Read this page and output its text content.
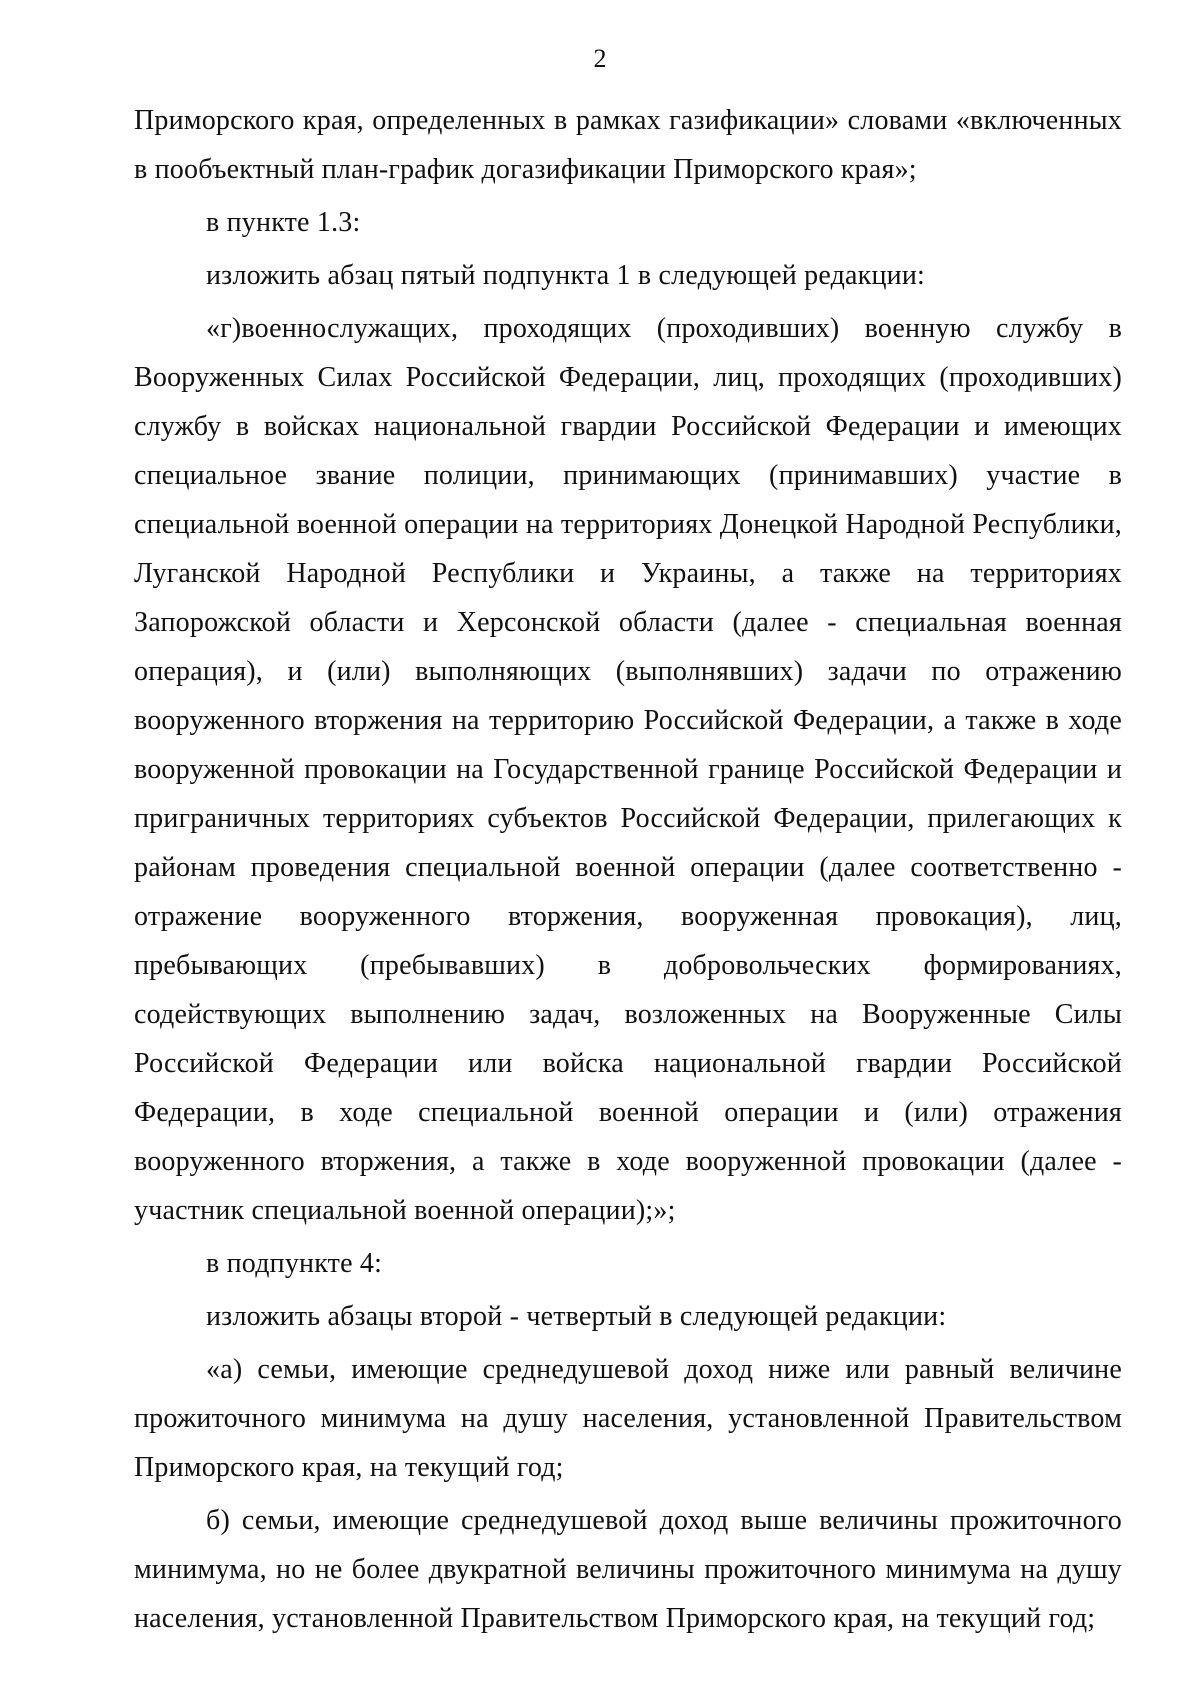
2

Приморского края, определенных в рамках газификации» словами «включенных в пообъектный план-график догазификации Приморского края»;

в пункте 1.3:

изложить абзац пятый подпункта 1 в следующей редакции:

«г)военнослужащих, проходящих (проходивших) военную службу в Вооруженных Силах Российской Федерации, лиц, проходящих (проходивших) службу в войсках национальной гвардии Российской Федерации и имеющих специальное звание полиции, принимающих (принимавших) участие в специальной военной операции на территориях Донецкой Народной Республики, Луганской Народной Республики и Украины, а также на территориях Запорожской области и Херсонской области (далее - специальная военная операция), и (или) выполняющих (выполнявших) задачи по отражению вооруженного вторжения на территорию Российской Федерации, а также в ходе вооруженной провокации на Государственной границе Российской Федерации и приграничных территориях субъектов Российской Федерации, прилегающих к районам проведения специальной военной операции (далее соответственно - отражение вооруженного вторжения, вооруженная провокация), лиц, пребывающих (пребывавших) в добровольческих формированиях, содействующих выполнению задач, возложенных на Вооруженные Силы Российской Федерации или войска национальной гвардии Российской Федерации, в ходе специальной военной операции и (или) отражения вооруженного вторжения, а также в ходе вооруженной провокации (далее - участник специальной военной операции);»;

в подпункте 4:

изложить абзацы второй - четвертый в следующей редакции:

«а) семьи, имеющие среднедушевой доход ниже или равный величине прожиточного минимума на душу населения, установленной Правительством Приморского края, на текущий год;

б) семьи, имеющие среднедушевой доход выше величины прожиточного минимума, но не более двукратной величины прожиточного минимума на душу населения, установленной Правительством Приморского края, на текущий год;
